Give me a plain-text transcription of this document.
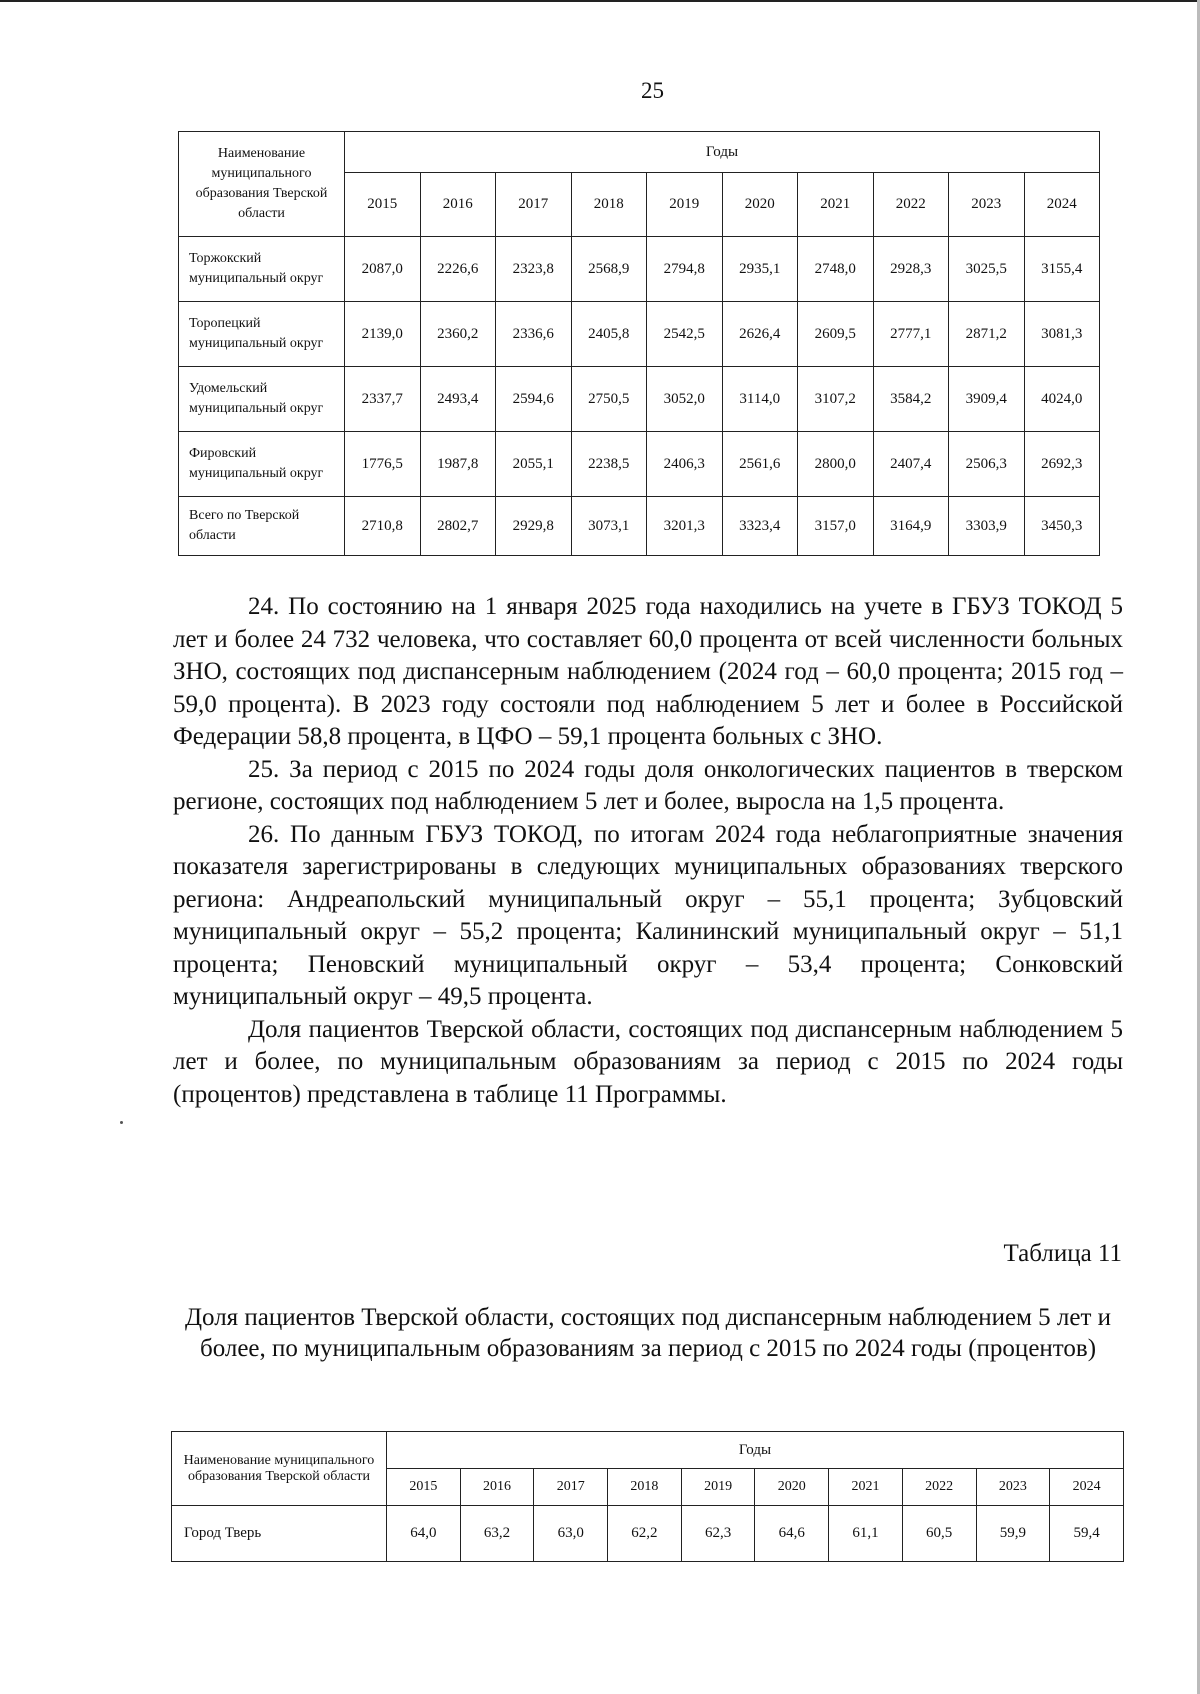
25
Наименование муниципального образования Тверской области	Годы									
	2015	2016	2017	2018	2019	2020	2021	2022	2023	2024
Торжокский муниципальный округ	2087,0	2226,6	2323,8	2568,9	2794,8	2935,1	2748,0	2928,3	3025,5	3155,4
Торопецкий муниципальный округ	2139,0	2360,2	2336,6	2405,8	2542,5	2626,4	2609,5	2777,1	2871,2	3081,3
Удомельский муниципальный округ	2337,7	2493,4	2594,6	2750,5	3052,0	3114,0	3107,2	3584,2	3909,4	4024,0
Фировский муниципальный округ	1776,5	1987,8	2055,1	2238,5	2406,3	2561,6	2800,0	2407,4	2506,3	2692,3
Всего по Тверской области	2710,8	2802,7	2929,8	3073,1	3201,3	3323,4	3157,0	3164,9	3303,9	3450,3

24. По состоянию на 1 января 2025 года находились на учете в ГБУЗ ТОКОД 5 лет и более 24 732 человека, что составляет 60,0 процента от всей численности больных ЗНО, состоящих под диспансерным наблюдением (2024 год – 60,0 процента; 2015 год – 59,0 процента). В 2023 году состояли под наблюдением 5 лет и более в Российской Федерации 58,8 процента, в ЦФО – 59,1 процента больных с ЗНО.

25. За период с 2015 по 2024 годы доля онкологических пациентов в тверском регионе, состоящих под наблюдением 5 лет и более, выросла на 1,5 процента.

26. По данным ГБУЗ ТОКОД, по итогам 2024 года неблагоприятные значения показателя зарегистрированы в следующих муниципальных образованиях тверского региона: Андреапольский муниципальный округ – 55,1 процента; Зубцовский муниципальный округ – 55,2 процента; Калининский муниципальный округ – 51,1 процента; Пеновский муниципальный округ – 53,4 процента; Сонковский муниципальный округ – 49,5 процента.

Доля пациентов Тверской области, состоящих под диспансерным наблюдением 5 лет и более, по муниципальным образованиям за период с 2015 по 2024 годы (процентов) представлена в таблице 11 Программы.

Таблица 11
Доля пациентов Тверской области, состоящих под диспансерным наблюдением 5 лет и более, по муниципальным образованиям за период с 2015 по 2024 годы (процентов)
Наименование муниципального образования Тверской области	Годы									
	2015	2016	2017	2018	2019	2020	2021	2022	2023	2024
Город Тверь	64,0	63,2	63,0	62,2	62,3	64,6	61,1	60,5	59,9	59,4
